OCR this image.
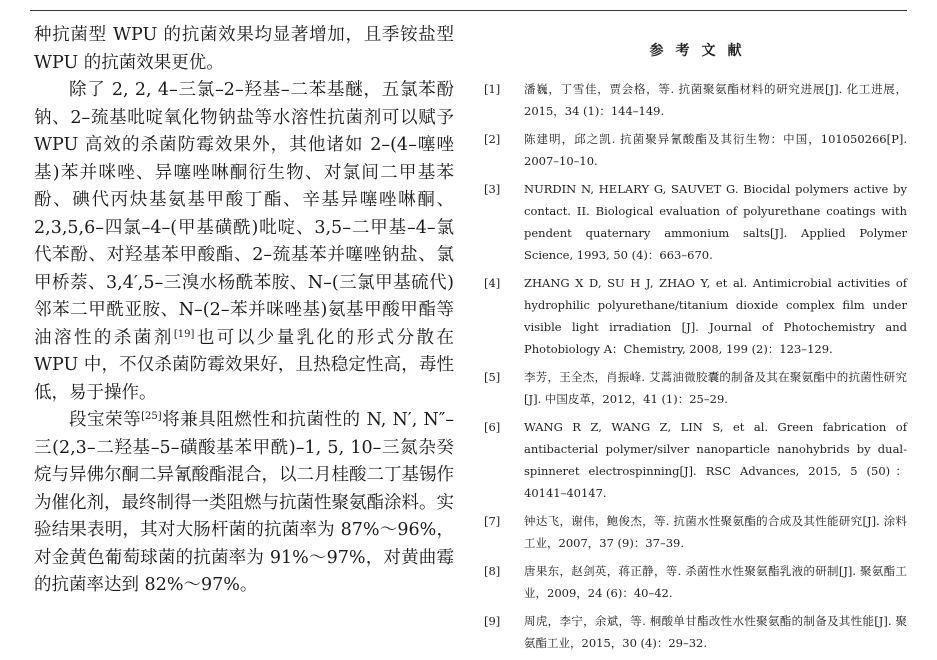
种抗菌型 WPU 的抗菌效果均显著增加，且季铵盐型 WPU 的抗菌效果更优。

除了 2, 2, 4–三氯–2–羟基–二苯基醚，五氯苯酚钠、2–巯基吡啶氧化物钠盐等水溶性抗菌剂可以赋予 WPU 高效的杀菌防霉效果外，其他诸如 2–(4–噻唑基)苯并咪唑、异噻唑啉酮衍生物、对氯间二甲基苯酚、碘代丙炔基氨基甲酸丁酯、辛基异噻唑啉酮、2,3,5,6–四氯–4–(甲基磺酰)吡啶、3,5–二甲基–4–氯代苯酚、对羟基苯甲酸酯、2–巯基苯并噻唑钠盐、氯甲桥萘、3,4′,5–三溴水杨酰苯胺、N–(三氯甲基硫代)邻苯二甲酰亚胺、N–(2–苯并咪唑基)氨基甲酸甲酯等油溶性的杀菌剂[19]也可以少量乳化的形式分散在 WPU 中，不仅杀菌防霉效果好，且热稳定性高，毒性低，易于操作。

段宝荣等[25]将兼具阻燃性和抗菌性的 N, N′, N″–三(2,3–二羟基–5–磺酸基苯甲酰)–1, 5, 10–三氮杂癸烷与异佛尔酮二异氰酸酯混合，以二月桂酸二丁基锡作为催化剂，最终制得一类阻燃与抗菌性聚氨酯涂料。实验结果表明，其对大肠杆菌的抗菌率为 87%～96%，对金黄色葡萄球菌的抗菌率为 91%～97%，对黄曲霉的抗菌率达到 82%～97%。

参考文献
[1]	潘巍，丁雪佳，贾会格，等. 抗菌聚氨酯材料的研究进展[J]. 化工进展，2015，34 (1)：144–149.
[2]	陈建明，邱之凯. 抗菌聚异氰酸酯及其衍生物：中国，101050266[P]. 2007–10–10.
[3]	NURDIN N, HELARY G, SAUVET G. Biocidal polymers active by contact. II. Biological evaluation of polyurethane coatings with pendent quaternary ammonium salts[J]. Applied Polymer Science, 1993, 50 (4)：663–670.
[4]	ZHANG X D, SU H J, ZHAO Y, et al. Antimicrobial activities of hydrophilic polyurethane/titanium dioxide complex film under visible light irradiation [J]. Journal of Photochemistry and Photobiology A：Chemistry, 2008, 199 (2)：123–129.
[5]	李芳，王全杰，肖振峰. 艾蒿油微胶囊的制备及其在聚氨酯中的抗菌性研究[J]. 中国皮革，2012，41 (1)：25–29.
[6]	WANG R Z, WANG Z, LIN S, et al. Green fabrication of antibacterial polymer/silver nanoparticle nanohybrids by dual-spinneret electrospinning[J]. RSC Advances, 2015, 5 (50)：40141–40147.
[7]	钟达飞，谢伟，鲍俊杰，等. 抗菌水性聚氨酯的合成及其性能研究[J]. 涂料工业，2007，37 (9)：37–39.
[8]	唐果东，赵剑英，蒋正静，等. 杀菌性水性聚氨酯乳液的研制[J]. 聚氨酯工业，2009，24 (6)：40–42.
[9]	周虎，李宁，余斌，等. 桐酸单甘酯改性水性聚氨酯的制备及其性能[J]. 聚氨酯工业，2015，30 (4)：29–32.
